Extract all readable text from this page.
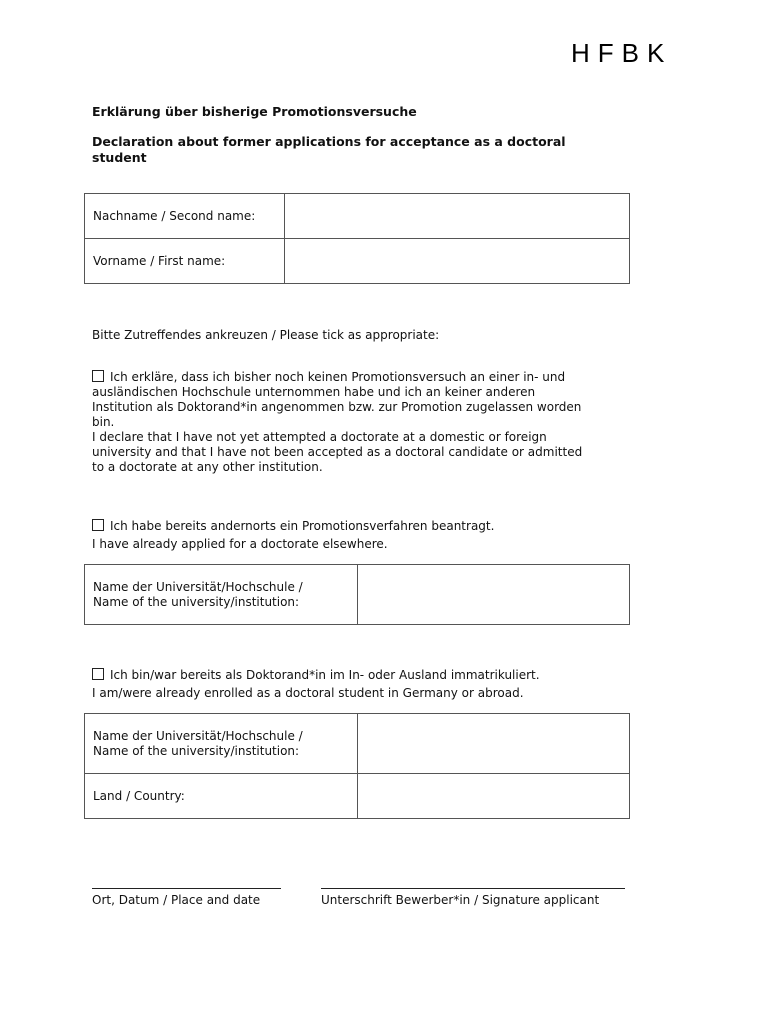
HFBK
Erklärung über bisherige Promotionsversuche
Declaration about former applications for acceptance as a doctoral student
Nachname / Second name:	
Vorname / First name:	
Bitte Zutreffendes ankreuzen / Please tick as appropriate:
Ich erkläre, dass ich bisher noch keinen Promotionsversuch an einer in- und
ausländischen Hochschule unternommen habe und ich an keiner anderen
Institution als Doktorand*in angenommen bzw. zur Promotion zugelassen worden
bin.
I declare that I have not yet attempted a doctorate at a domestic or foreign
university and that I have not been accepted as a doctoral candidate or admitted
to a doctorate at any other institution.
Ich habe bereits andernorts ein Promotionsverfahren beantragt.
I have already applied for a doctorate elsewhere.
Name der Universität/Hochschule /
Name of the university/institution:

Ich bin/war bereits als Doktorand*in im In- oder Ausland immatrikuliert.
I am/were already enrolled as a doctoral student in Germany or abroad.
Name der Universität/Hochschule /
Name of the university/institution:	

Land / Country:	
Ort, Datum / Place and date	Unterschrift Bewerber*in / Signature applicant
